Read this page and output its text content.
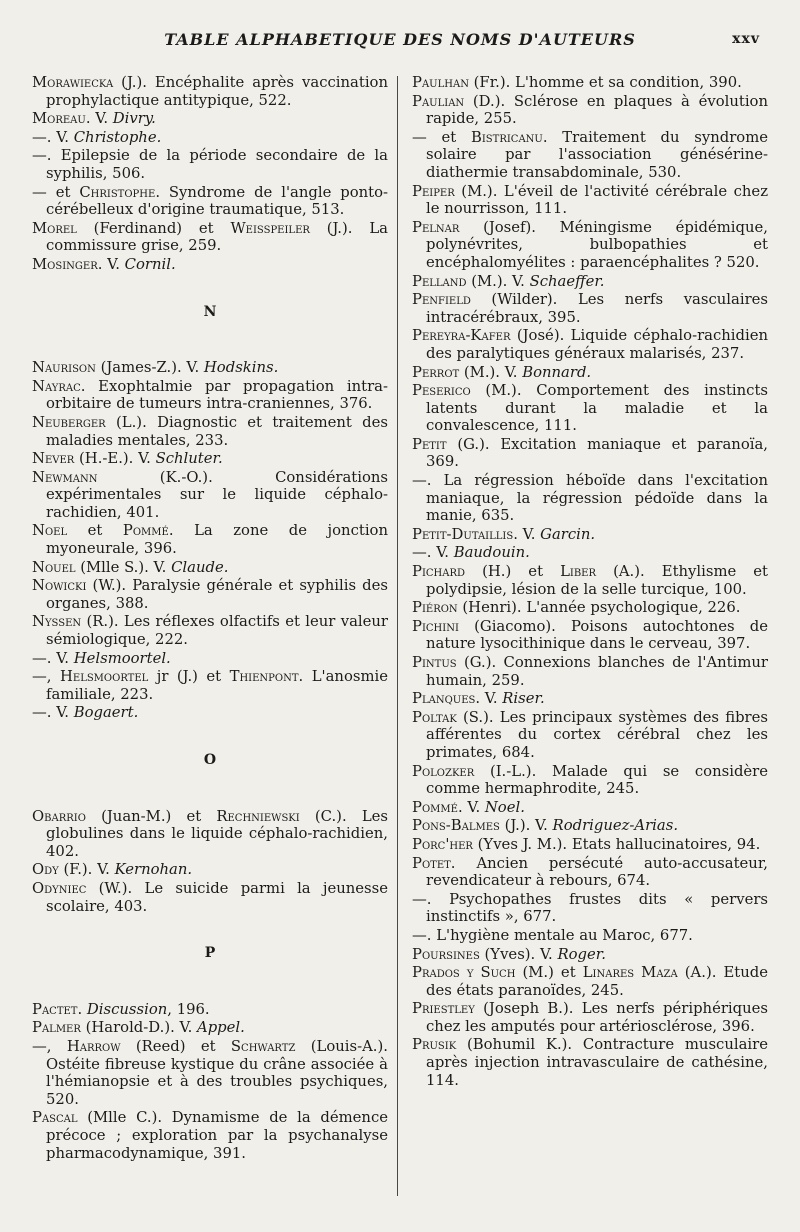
TABLE ALPHABETIQUE DES NOMS D'AUTEURS	xxv
Morawiecka (J.). Encéphalite après vaccination prophylactique antitypique, 522.
Moreau. V. Divry.
—. V. Christophe.
—. Epilepsie de la période secondaire de la syphilis, 506.
— et Christophe. Syndrome de l'angle ponto-cérébelleux d'origine traumatique, 513.
Morel (Ferdinand) et Weisspeiler (J.). La commissure grise, 259.
Mosinger. V. Cornil.
N
Naurison (James-Z.). V. Hodskins.
Nayrac. Exophtalmie par propagation intra-orbitaire de tumeurs intra-craniennes, 376.
Neuberger (L.). Diagnostic et traitement des maladies mentales, 233.
Never (H.-E.). V. Schluter.
Newmann (K.-O.). Considérations expérimentales sur le liquide céphalo-rachidien, 401.
Noel et Pommé. La zone de jonction myoneurale, 396.
Nouel (Mlle S.). V. Claude.
Nowicki (W.). Paralysie générale et syphilis des organes, 388.
Nyssen (R.). Les réflexes olfactifs et leur valeur sémiologique, 222.
—. V. Helsmoortel.
—, Helsmoortel jr (J.) et Thienpont. L'anosmie familiale, 223.
—. V. Bogaert.
O
Obarrio (Juan-M.) et Rechniewski (C.). Les globulines dans le liquide céphalo-rachidien, 402.
Ody (F.). V. Kernohan.
Odyniec (W.). Le suicide parmi la jeunesse scolaire, 403.
P
Pactet. Discussion, 196.
Palmer (Harold-D.). V. Appel.
—, Harrow (Reed) et Schwartz (Louis-A.). Ostéite fibreuse kystique du crâne associée à l'hémianopsie et à des troubles psychiques, 520.
Pascal (Mlle C.). Dynamisme de la démence précoce ; exploration par la psychanalyse pharmacodynamique, 391.
Paulhan (Fr.). L'homme et sa condition, 390.
Paulian (D.). Sclérose en plaques à évolution rapide, 255.
— et Bistricanu. Traitement du syndrome solaire par l'association génésérine-diathermie transabdominale, 530.
Peiper (M.). L'éveil de l'activité cérébrale chez le nourrisson, 111.
Pelnar (Josef). Méningisme épidémique, polynévrites, bulbopathies et encéphalomyélites : paraencéphalites ? 520.
Pelland (M.). V. Schaeffer.
Penfield (Wilder). Les nerfs vasculaires intracérébraux, 395.
Pereyra-Kafer (José). Liquide céphalo-rachidien des paralytiques généraux malarisés, 237.
Perrot (M.). V. Bonnard.
Peserico (M.). Comportement des instincts latents durant la maladie et la convalescence, 111.
Petit (G.). Excitation maniaque et paranoïa, 369.
—. La régression héboïde dans l'excitation maniaque, la régression pédoïde dans la manie, 635.
Petit-Dutaillis. V. Garcin.
—. V. Baudouin.
Pichard (H.) et Liber (A.). Ethylisme et polydipsie, lésion de la selle turcique, 100.
Piéron (Henri). L'année psychologique, 226.
Pichini (Giacomo). Poisons autochtones de nature lysocithinique dans le cerveau, 397.
Pintus (G.). Connexions blanches de l'Antimur humain, 259.
Planques. V. Riser.
Poltak (S.). Les principaux systèmes des fibres afférentes du cortex cérébral chez les primates, 684.
Polozker (I.-L.). Malade qui se considère comme hermaphrodite, 245.
Pommé. V. Noel.
Pons-Balmes (J.). V. Rodriguez-Arias.
Porc'her (Yves J. M.). Etats hallucinatoires, 94.
Potet. Ancien persécuté auto-accusateur, revendicateur à rebours, 674.
—. Psychopathes frustes dits « pervers instinctifs », 677.
—. L'hygiène mentale au Maroc, 677.
Poursines (Yves). V. Roger.
Prados y Such (M.) et Linares Maza (A.). Etude des états paranoïdes, 245.
Priestley (Joseph B.). Les nerfs périphériques chez les amputés pour artériosclérose, 396.
Prusik (Bohumil K.). Contracture musculaire après injection intravasculaire de cathésine, 114.
